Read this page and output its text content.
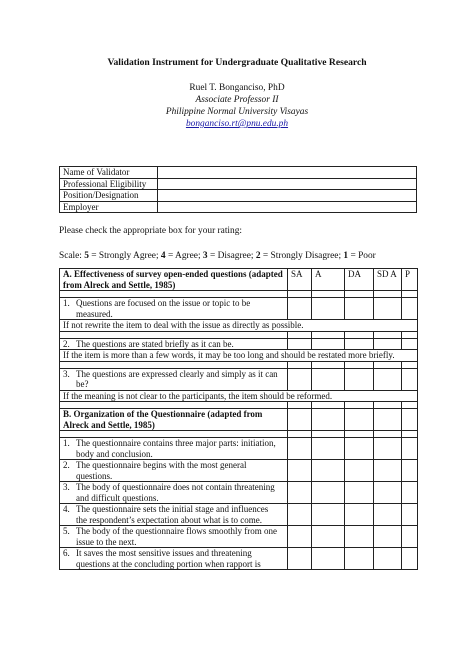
Validation Instrument for Undergraduate Qualitative Research
Ruel T. Bonganciso, PhD
Associate Professor II
Philippine Normal University Visayas
bonganciso.rt@pnu.edu.ph
Name of Validator	
Professional Eligibility	
Position/Designation	
Employer	
Please check the appropriate box for your rating:
Scale: 5 = Strongly Agree; 4 = Agree; 3 = Disagree; 2 = Strongly Disagree; 1 = Poor
A. Effectiveness of survey open-ended questions (adapted from Alreck and Settle, 1985)	SA	A	DA	SD A	P

1. Questions are focused on the issue or topic to be measured.					
If not rewrite the item to deal with the issue as directly as possible.					

2. The questions are stated briefly as it can be.					
If the item is more than a few words, it may be too long and should be restated more briefly.					

3. The questions are expressed clearly and simply as it can be?					
If the meaning is not clear to the participants, the item should be reformed.					

B. Organization of the Questionnaire (adapted from Alreck and Settle, 1985)					

1. The questionnaire contains three major parts: initiation, body and conclusion.					
2. The questionnaire begins with the most general questions.					
3. The body of questionnaire does not contain threatening and difficult questions.					
4. The questionnaire sets the initial stage and influences the respondent’s expectation about what is to come.					
5. The body of the questionnaire flows smoothly from one issue to the next.					
6. It saves the most sensitive issues and threatening questions at the concluding portion when rapport is					
